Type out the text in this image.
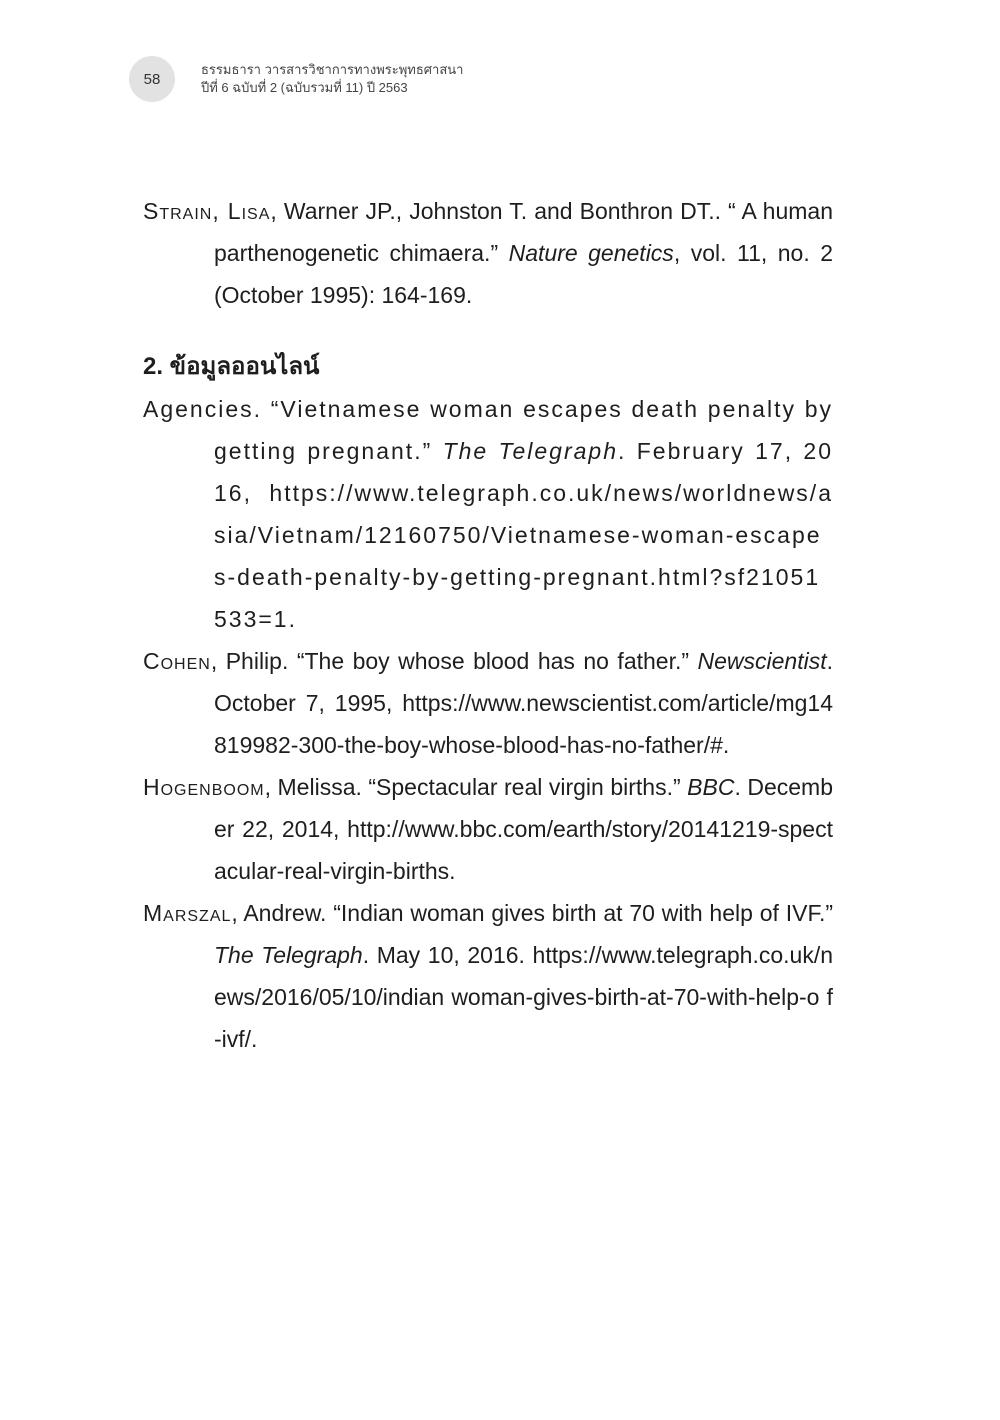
58
ธรรมธารา วารสารวิชาการทางพระพุทธศาสนา
ปีที่ 6 ฉบับที่ 2 (ฉบับรวมที่ 11) ปี 2563

Strain, Lisa, Warner JP., Johnston T. and Bonthron DT.. “ A human parthenogenetic chimaera.” Nature genetics, vol. 11, no. 2 (October 1995): 164-169.

2. ข้อมูลออนไลน์

Agencies. “Vietnamese woman escapes death penalty by getting pregnant.” The Telegraph. February 17, 2016, https://www.telegraph.co.uk/news/worldnews/asia/Vietnam/12160750/Vietnamese-woman-escapes-death-penalty-by-getting-pregnant.html?sf21051533=1.

Cohen, Philip. “The boy whose blood has no father.” Newscientist. October 7, 1995, https://www.newscientist.com/article/mg14819982-300-the-boy-whose-blood-has-no-father/#.

Hogenboom, Melissa. “Spectacular real virgin births.” BBC. December 22, 2014, http://www.bbc.com/earth/story/20141219-spectacular-real-virgin-births.

Marszal, Andrew. “Indian woman gives birth at 70 with help of IVF.” The Telegraph. May 10, 2016. https://www.telegraph.co.uk/news/2016/05/10/indian woman-gives-birth-at-70-with-help-o f-ivf/.
